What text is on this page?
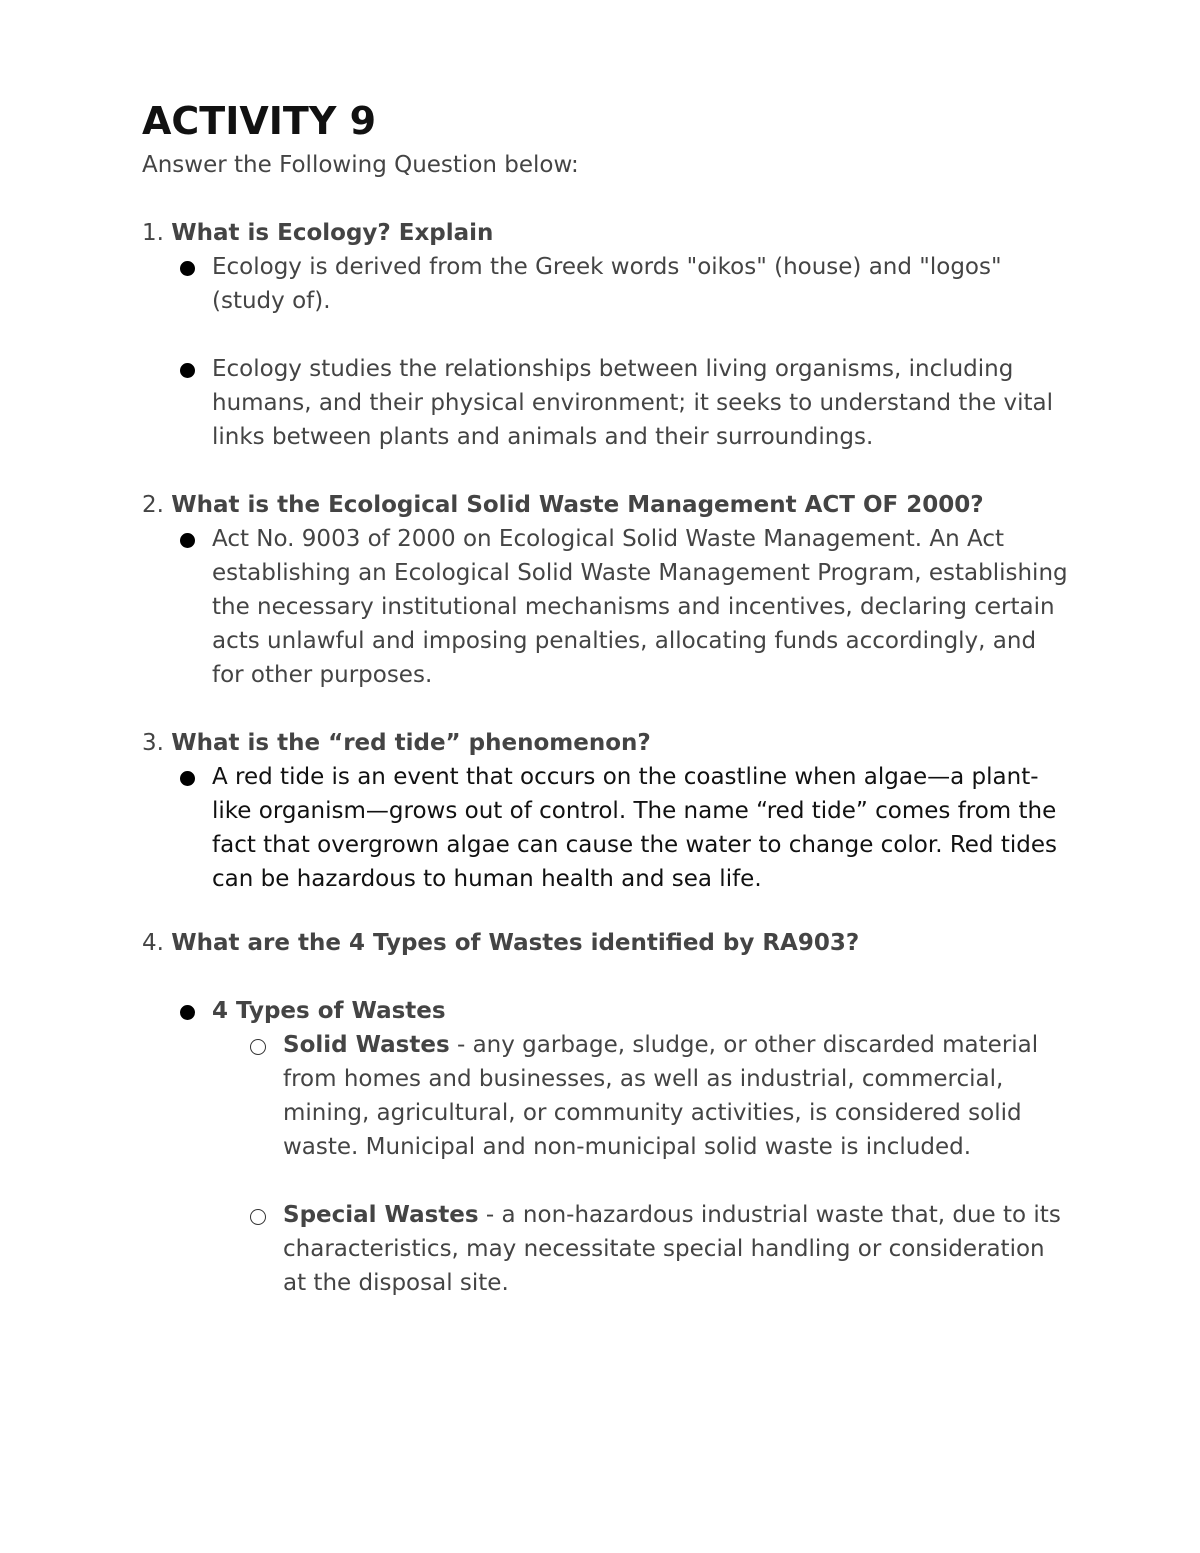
ACTIVITY 9

Answer the Following Question below:

1. What is Ecology? Explain

Ecology is derived from the Greek words "oikos" (house) and "logos" (study of).
Ecology studies the relationships between living organisms, including humans, and their physical environment; it seeks to understand the vital links between plants and animals and their surroundings.

2. What is the Ecological Solid Waste Management ACT OF 2000?

Act No. 9003 of 2000 on Ecological Solid Waste Management. An Act establishing an Ecological Solid Waste Management Program, establishing the necessary institutional mechanisms and incentives, declaring certain acts unlawful and imposing penalties, allocating funds accordingly, and for other purposes.

3. What is the “red tide” phenomenon?

A red tide is an event that occurs on the coastline when algae—a plant-like organism—grows out of control. The name “red tide” comes from the fact that overgrown algae can cause the water to change color. Red tides can be hazardous to human health and sea life.

4. What are the 4 Types of Wastes identified by RA903?

4 Types of Wastes
Solid Wastes - any garbage, sludge, or other discarded material from homes and businesses, as well as industrial, commercial, mining, agricultural, or community activities, is considered solid waste. Municipal and non-municipal solid waste is included.
Special Wastes - a non-hazardous industrial waste that, due to its characteristics, may necessitate special handling or consideration at the disposal site.
